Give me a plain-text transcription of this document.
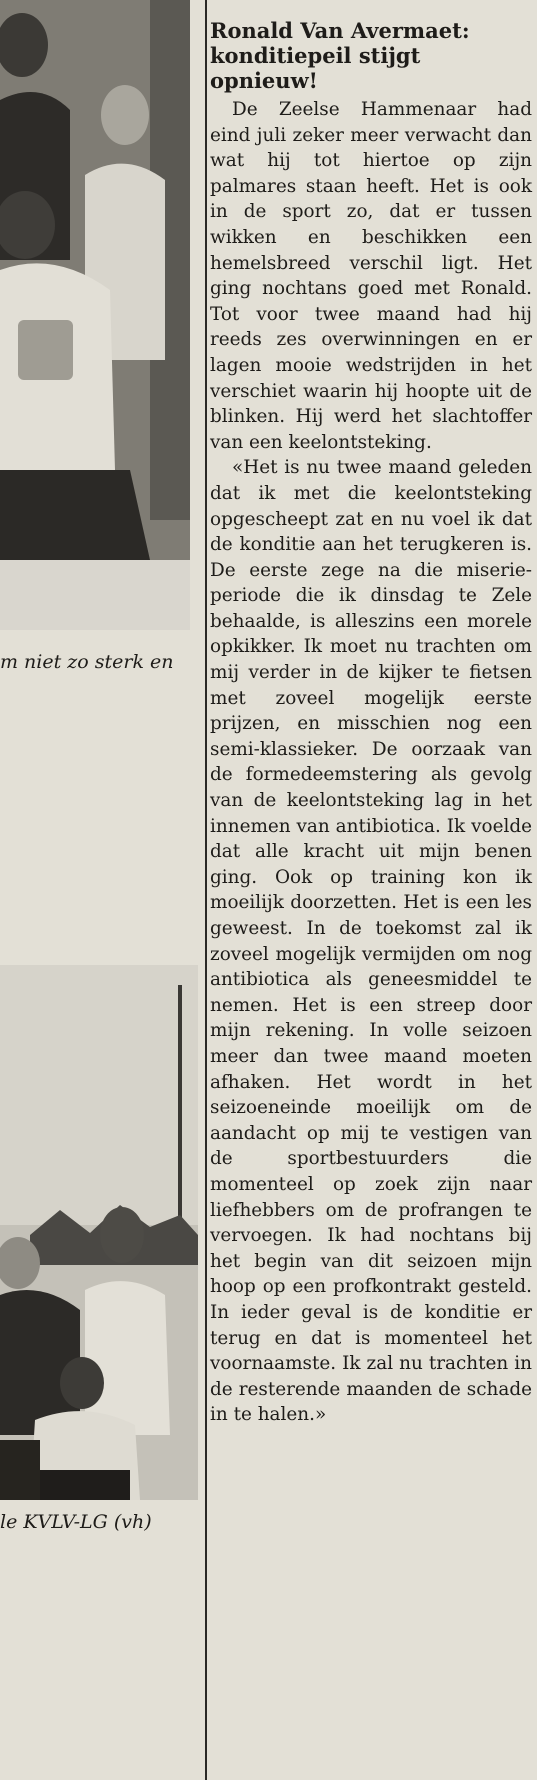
m niet zo sterk en
le KVLV-LG (vh)
Ronald Van Avermaet: konditiepeil stijgt opnieuw!

De Zeelse Hammenaar had eind juli zeker meer verwacht dan wat hij tot hiertoe op zijn palmares staan heeft. Het is ook in de sport zo, dat er tussen wikken en beschikken een hemelsbreed verschil ligt. Het ging nochtans goed met Ronald. Tot voor twee maand had hij reeds zes overwinningen en er lagen mooie wedstrijden in het verschiet waarin hij hoopte uit de blinken. Hij werd het slachtoffer van een keelontsteking.

«Het is nu twee maand geleden dat ik met die keelontsteking opgescheept zat en nu voel ik dat de konditie aan het terugkeren is. De eerste zege na die miserie-periode die ik dinsdag te Zele behaalde, is alleszins een morele opkikker. Ik moet nu trachten om mij verder in de kijker te fietsen met zoveel mogelijk eerste prijzen, en misschien nog een semi-klassieker. De oorzaak van de formedeemstering als gevolg van de keelontsteking lag in het innemen van antibiotica. Ik voelde dat alle kracht uit mijn benen ging. Ook op training kon ik moeilijk doorzetten. Het is een les geweest. In de toekomst zal ik zoveel mogelijk vermijden om nog antibiotica als geneesmiddel te nemen. Het is een streep door mijn rekening. In volle seizoen meer dan twee maand moeten afhaken. Het wordt in het seizoeneinde moeilijk om de aandacht op mij te vestigen van de sportbestuurders die momenteel op zoek zijn naar liefhebbers om de profrangen te vervoegen. Ik had nochtans bij het begin van dit seizoen mijn hoop op een profkontrakt gesteld. In ieder geval is de konditie er terug en dat is momenteel het voornaamste. Ik zal nu trachten in de resterende maanden de schade in te halen.»
